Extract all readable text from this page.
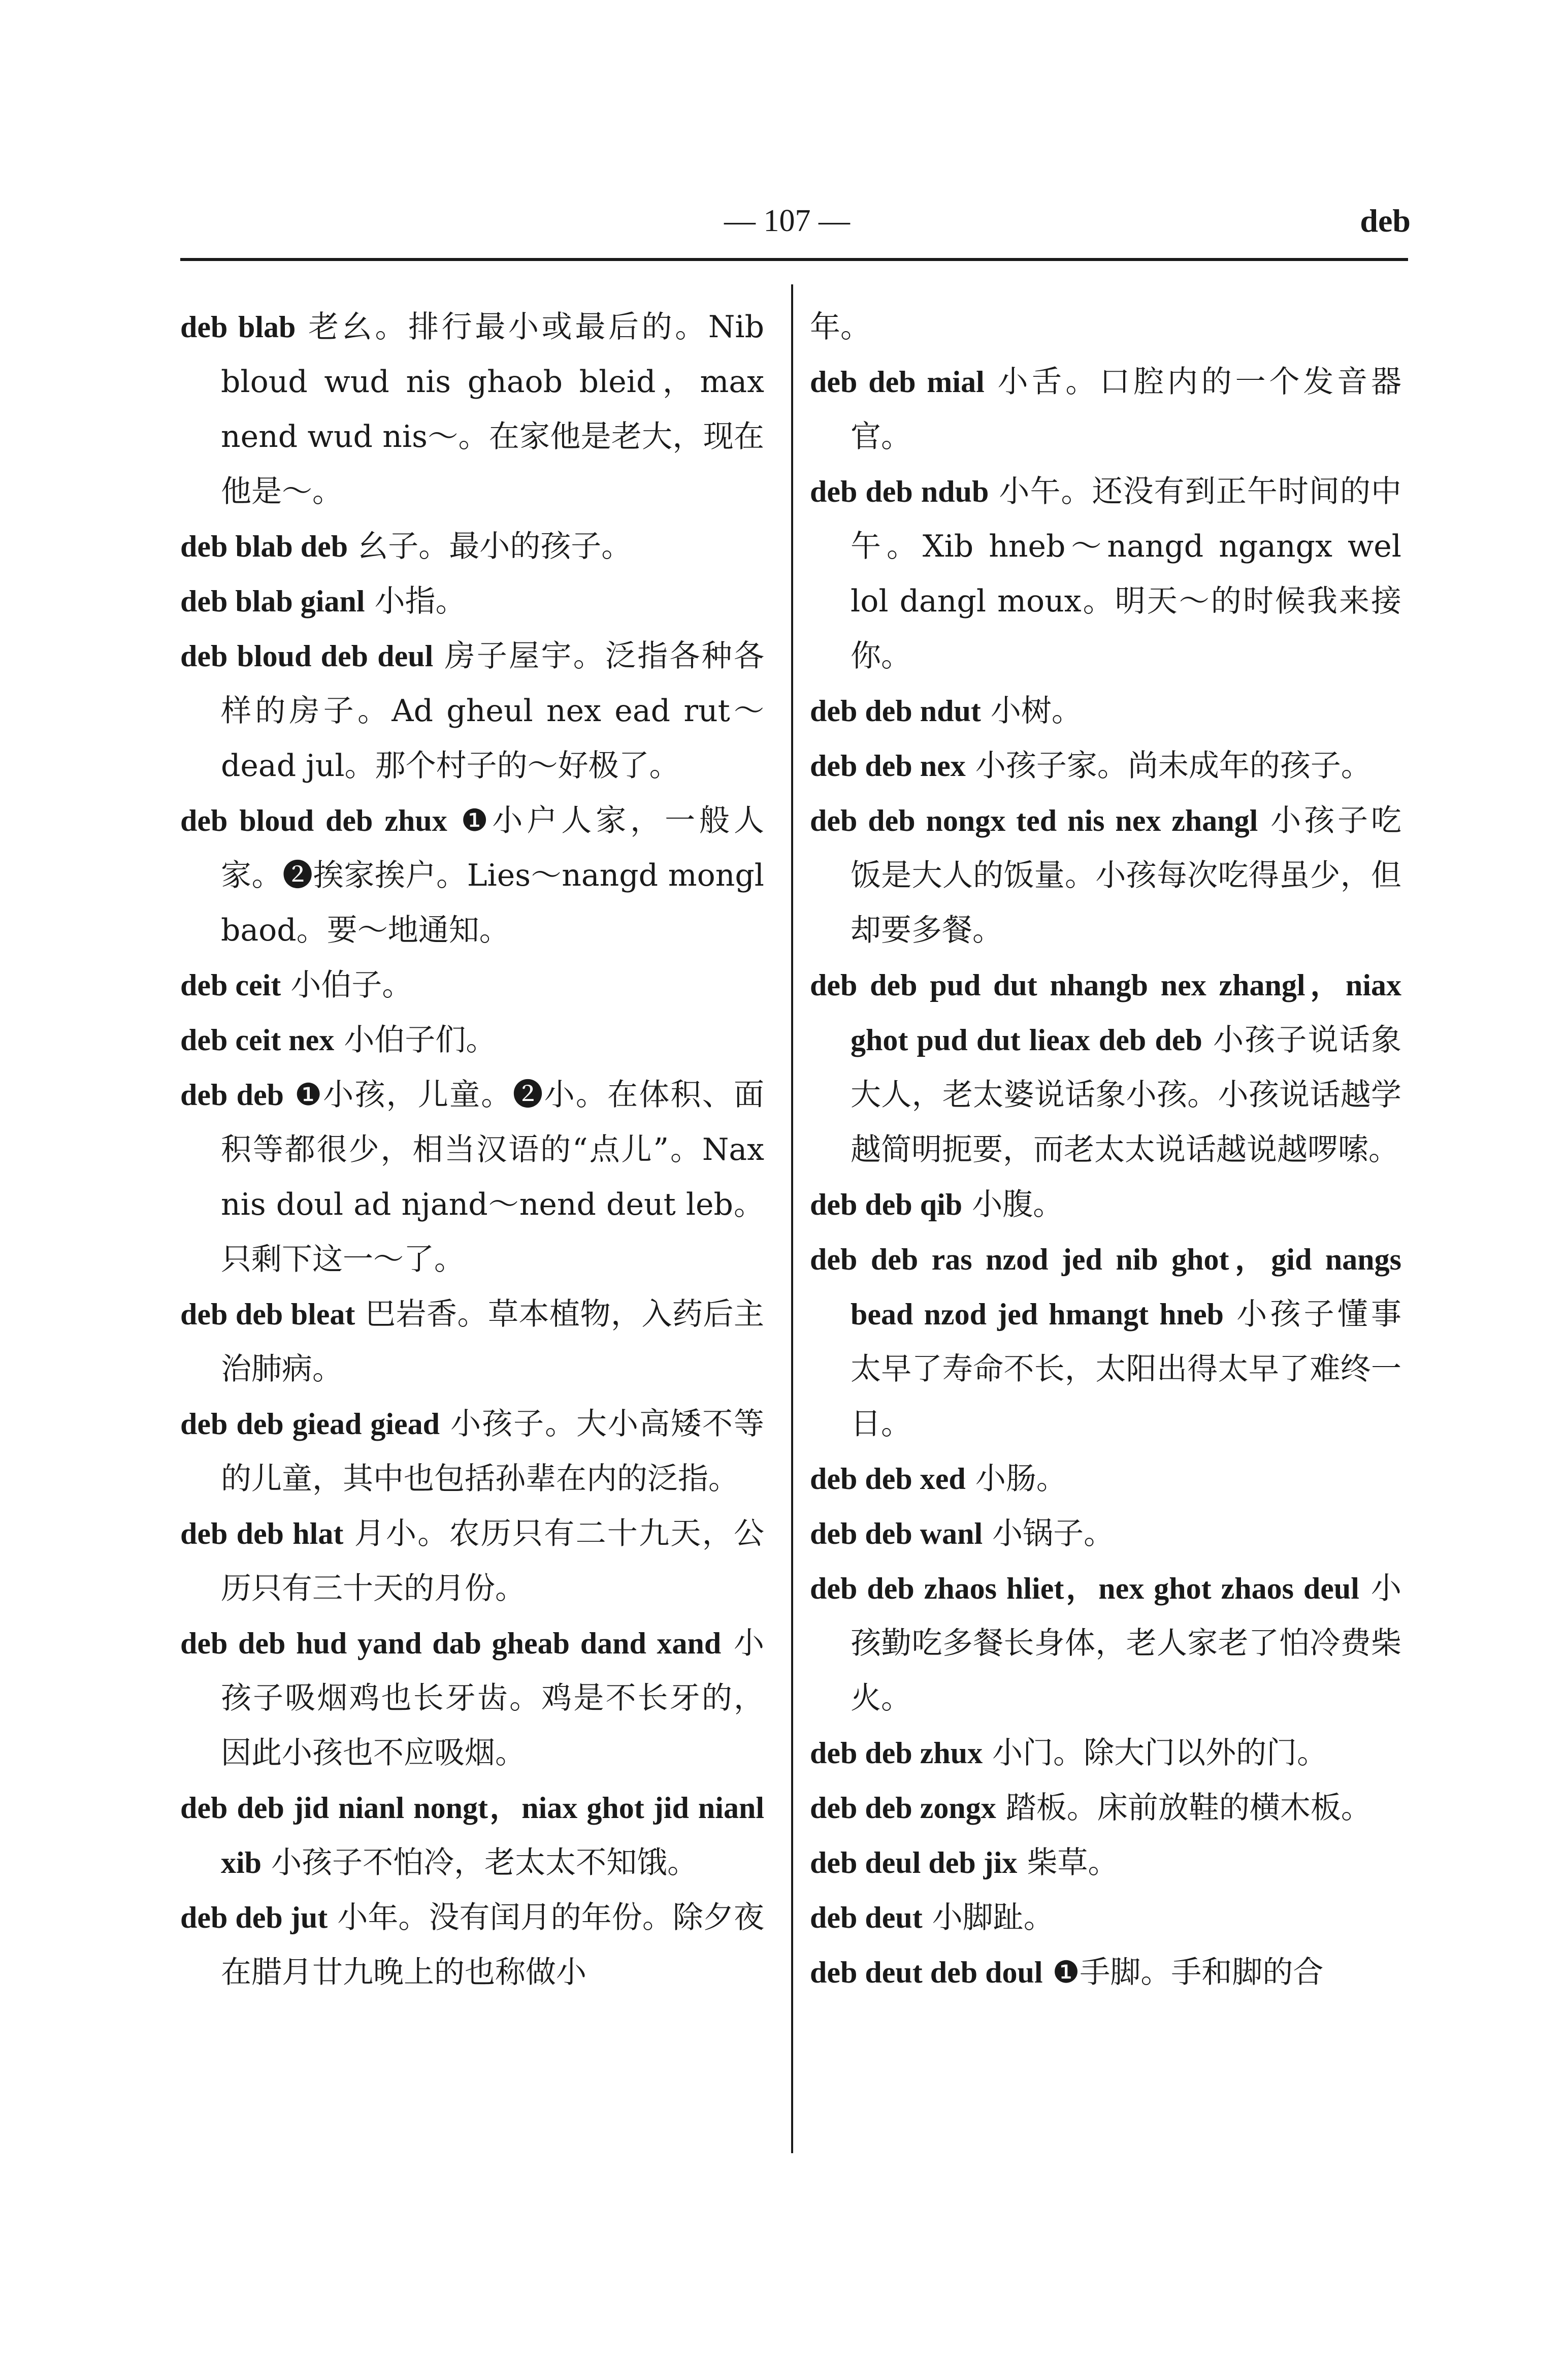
— 107 —	deb

deb blab 老幺。排行最小或最后的。Nib bloud wud nis ghaob bleid，max nend wud nis～。在家他是老大，现在他是～。

deb blab deb 幺子。最小的孩子。

deb blab gianl 小指。

deb bloud deb deul 房子屋宇。泛指各种各样的房子。Ad gheul nex ead rut～dead jul。那个村子的～好极了。

deb bloud deb zhux ❶小户人家，一般人家。❷挨家挨户。Lies～nangd mongl baod。要～地通知。

deb ceit 小伯子。

deb ceit nex 小伯子们。

deb deb ❶小孩，儿童。❷小。在体积、面积等都很少，相当汉语的“点儿”。Nax nis doul ad njand～nend deut leb。只剩下这一～了。

deb deb bleat 巴岩香。草本植物，入药后主治肺病。

deb deb giead giead 小孩子。大小高矮不等的儿童，其中也包括孙辈在内的泛指。

deb deb hlat 月小。农历只有二十九天，公历只有三十天的月份。

deb deb hud yand dab gheab dand xand 小孩子吸烟鸡也长牙齿。鸡是不长牙的，因此小孩也不应吸烟。

deb deb jid nianl nongt，niax ghot jid nianl xib 小孩子不怕冷，老太太不知饿。

deb deb jut 小年。没有闰月的年份。除夕夜在腊月廿九晚上的也称做小

年。

deb deb mial 小舌。口腔内的一个发音器官。

deb deb ndub 小午。还没有到正午时间的中午。Xib hneb～nangd ngangx wel lol dangl moux。明天～的时候我来接你。

deb deb ndut 小树。

deb deb nex 小孩子家。尚未成年的孩子。

deb deb nongx ted nis nex zhangl 小孩子吃饭是大人的饭量。小孩每次吃得虽少，但却要多餐。

deb deb pud dut nhangb nex zhangl，niax ghot pud dut lieax deb deb 小孩子说话象大人，老太婆说话象小孩。小孩说话越学越简明扼要，而老太太说话越说越啰嗦。

deb deb qib 小腹。

deb deb ras nzod jed nib ghot，gid nangs bead nzod jed hmangt hneb 小孩子懂事太早了寿命不长，太阳出得太早了难终一日。

deb deb xed 小肠。

deb deb wanl 小锅子。

deb deb zhaos hliet，nex ghot zhaos deul 小孩勤吃多餐长身体，老人家老了怕冷费柴火。

deb deb zhux 小门。除大门以外的门。

deb deb zongx 踏板。床前放鞋的横木板。

deb deul deb jix 柴草。

deb deut 小脚趾。

deb deut deb doul ❶手脚。手和脚的合
